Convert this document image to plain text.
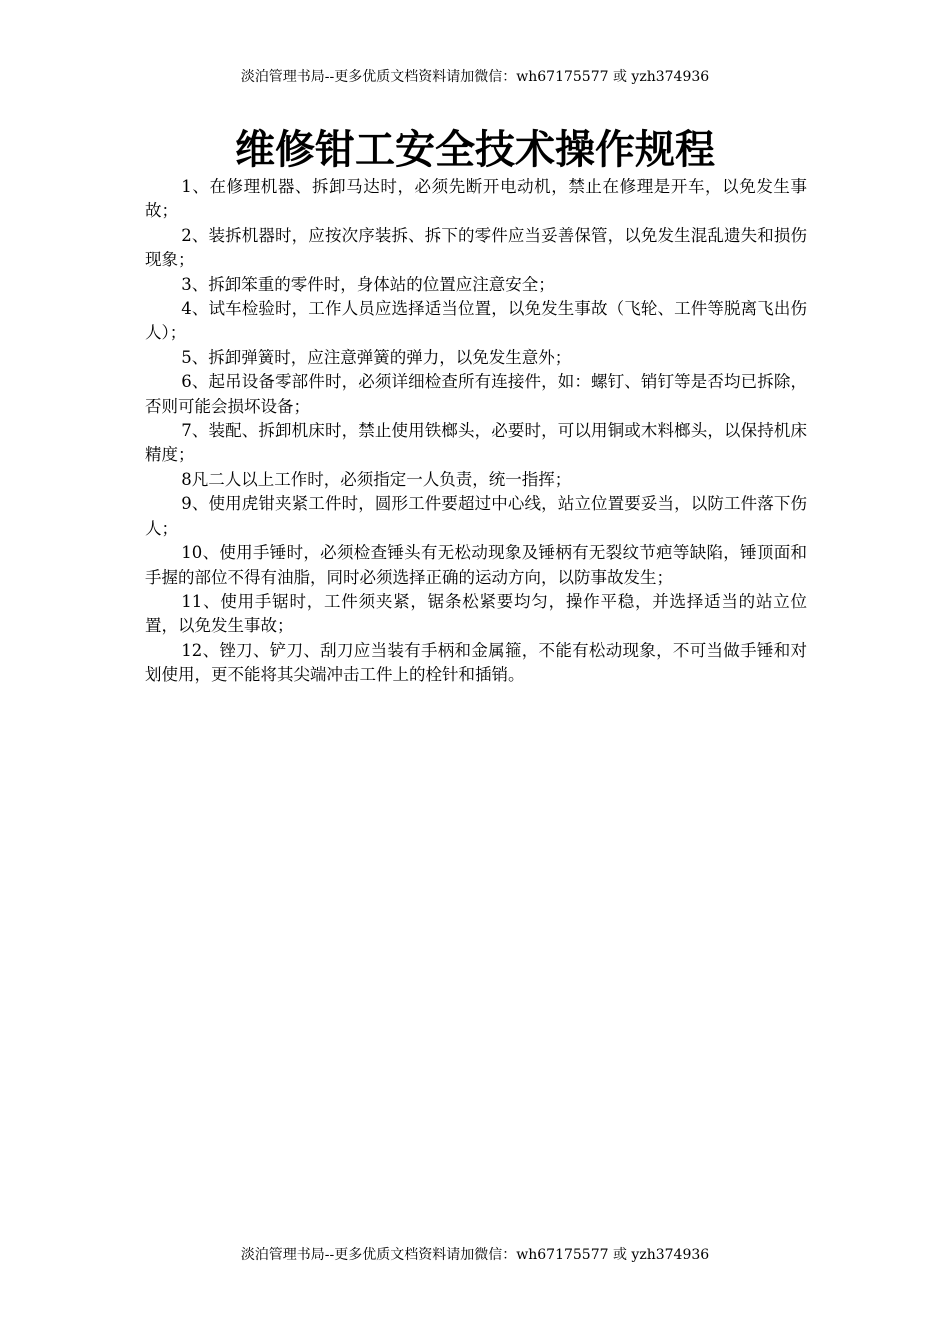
淡泊管理书局--更多优质文档资料请加微信：wh67175577 或 yzh374936
维修钳工安全技术操作规程

1、在修理机器、拆卸马达时，必须先断开电动机，禁止在修理是开车，以免发生事故；

2、装拆机器时，应按次序装拆、拆下的零件应当妥善保管，以免发生混乱遗失和损伤现象；

3、拆卸笨重的零件时，身体站的位置应注意安全；

4、试车检验时，工作人员应选择适当位置，以免发生事故（飞轮、工件等脱离飞出伤人）；

5、拆卸弹簧时，应注意弹簧的弹力，以免发生意外；

6、起吊设备零部件时，必须详细检查所有连接件，如：螺钉、销钉等是否均已拆除，否则可能会损坏设备；

7、装配、拆卸机床时，禁止使用铁榔头，必要时，可以用铜或木料榔头，以保持机床精度；

8凡二人以上工作时，必须指定一人负责，统一指挥；

9、使用虎钳夹紧工件时，圆形工件要超过中心线，站立位置要妥当，以防工件落下伤人；

10、使用手锤时，必须检查锤头有无松动现象及锤柄有无裂纹节疤等缺陷，锤顶面和手握的部位不得有油脂，同时必须选择正确的运动方向，以防事故发生；

11、使用手锯时，工件须夹紧，锯条松紧要均匀，操作平稳，并选择适当的站立位置，以免发生事故；

12、锉刀、铲刀、刮刀应当装有手柄和金属箍，不能有松动现象，不可当做手锤和对划使用，更不能将其尖端冲击工件上的栓针和插销。

淡泊管理书局--更多优质文档资料请加微信：wh67175577 或 yzh374936
